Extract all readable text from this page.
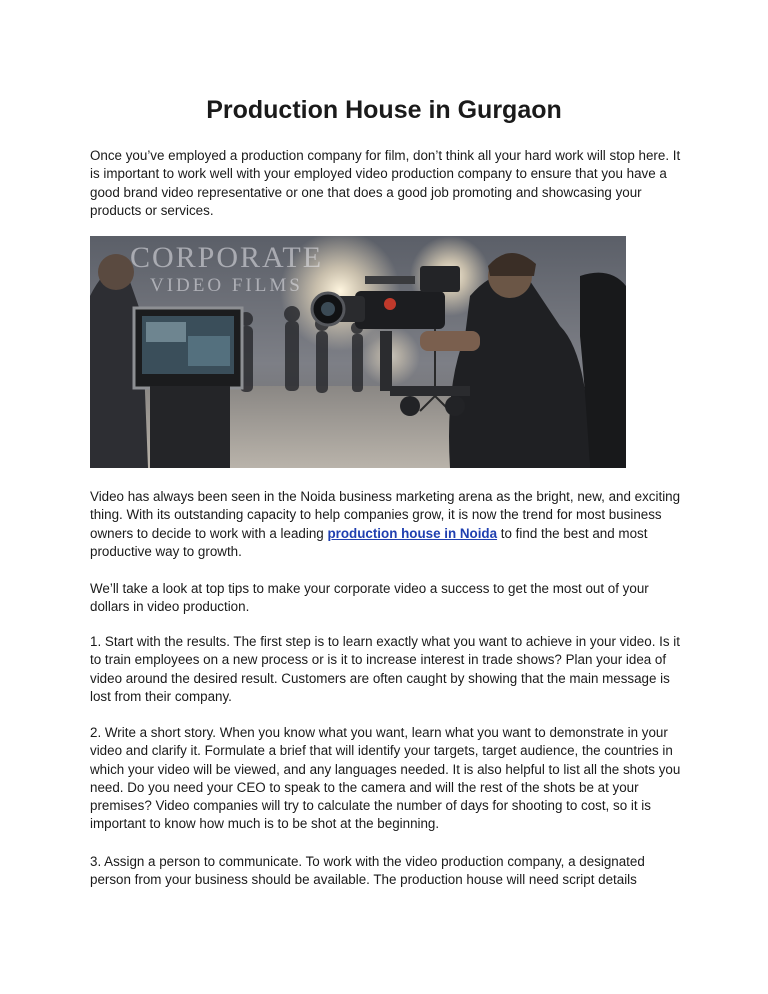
Production House in Gurgaon

Once you’ve employed a production company for film, don’t think all your hard work will stop here. It is important to work well with your employed video production company to ensure that you have a good brand video representative or one that does a good job promoting and showcasing your products or services.

CORPORATE
VIDEO FILMS

Video has always been seen in the Noida business marketing arena as the bright, new, and exciting thing. With its outstanding capacity to help companies grow, it is now the trend for most business owners to decide to work with a leading production house in Noida to find the best and most productive way to growth.

We’ll take a look at top tips to make your corporate video a success to get the most out of your dollars in video production.

1. Start with the results. The first step is to learn exactly what you want to achieve in your video. Is it to train employees on a new process or is it to increase interest in trade shows? Plan your idea of video around the desired result. Customers are often caught by showing that the main message is lost from their company.

2. Write a short story. When you know what you want, learn what you want to demonstrate in your video and clarify it. Formulate a brief that will identify your targets, target audience, the countries in which your video will be viewed, and any languages needed. It is also helpful to list all the shots you need. Do you need your CEO to speak to the camera and will the rest of the shots be at your premises? Video companies will try to calculate the number of days for shooting to cost, so it is important to know how much is to be shot at the beginning.

3. Assign a person to communicate. To work with the video production company, a designated person from your business should be available. The production house will need script details
